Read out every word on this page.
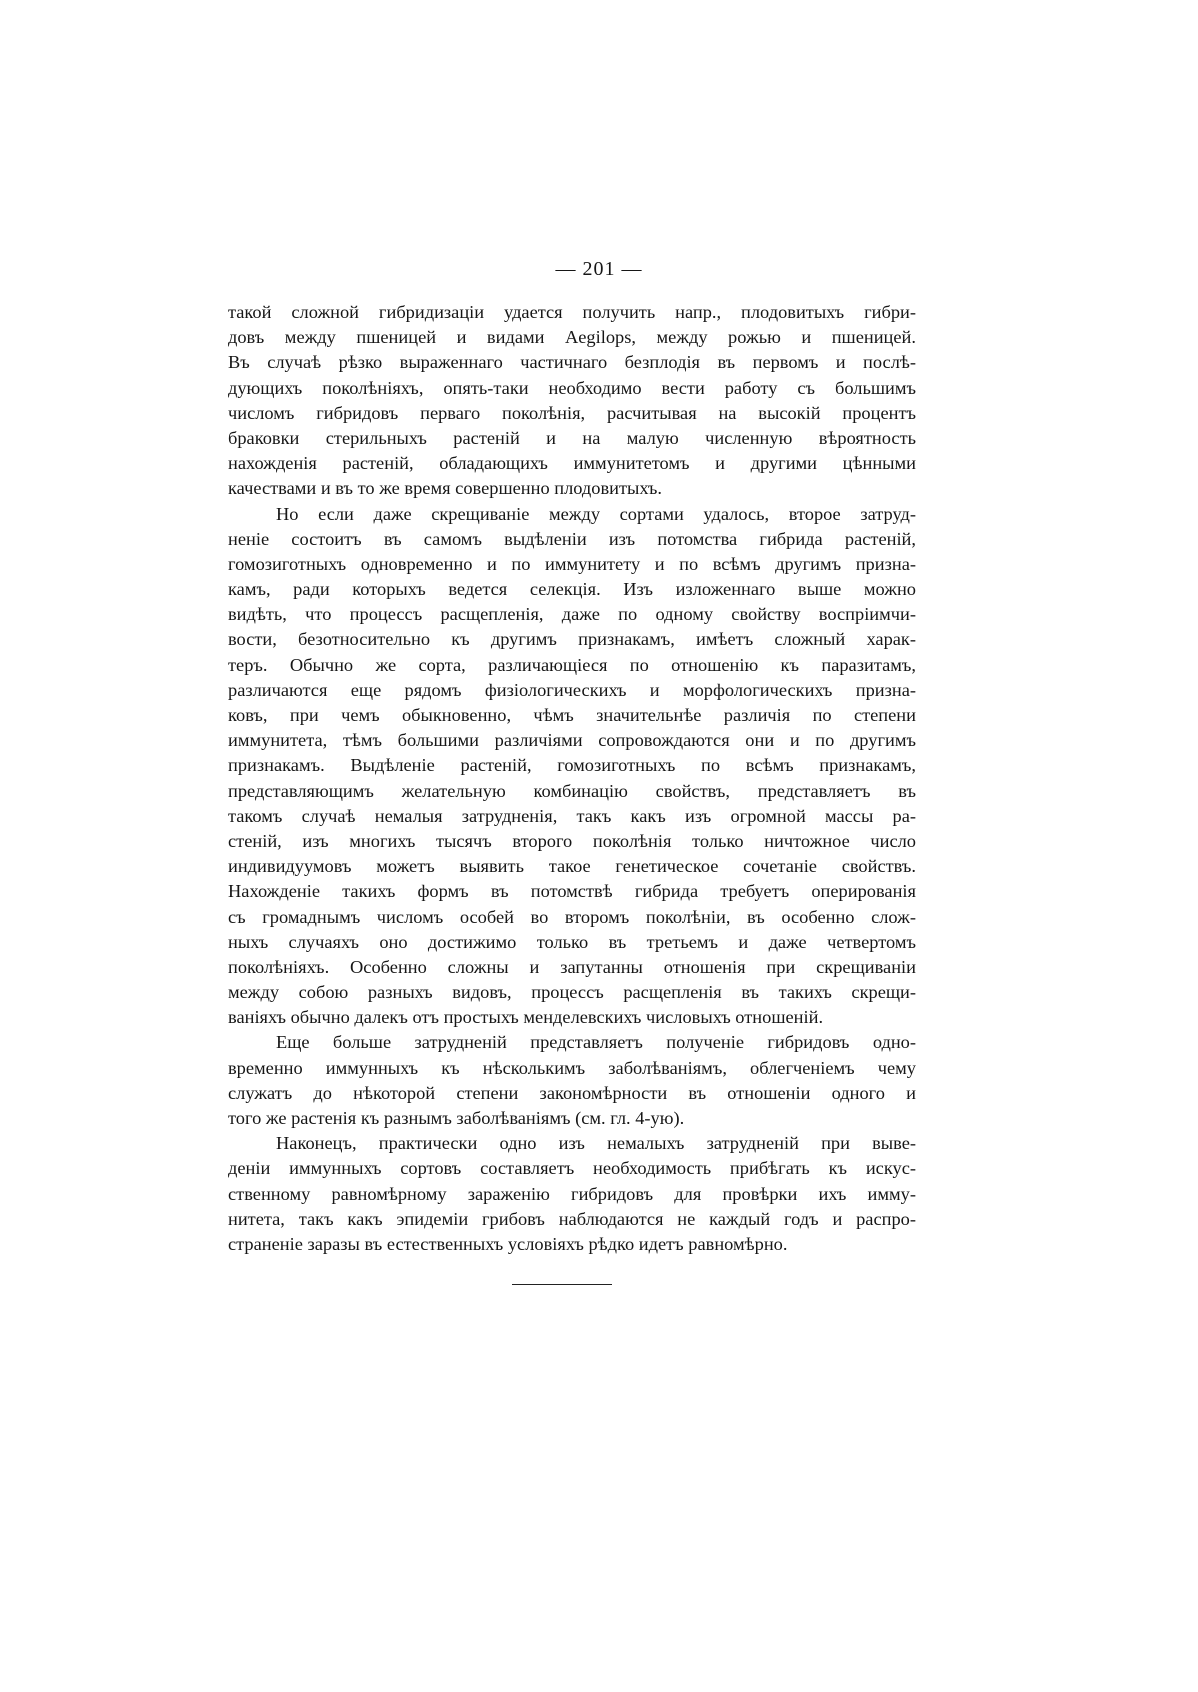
— 201 —
такой сложной гибридизаціи удается получить напр., плодовитыхъ гибри-
довъ между пшеницей и видами Aegilops, между рожью и пшеницей.
Въ случаѣ рѣзко выраженнаго частичнаго безплодія въ первомъ и послѣ-
дующихъ поколѣніяхъ, опять-таки необходимо вести работу съ большимъ
числомъ гибридовъ перваго поколѣнія, расчитывая на высокій процентъ
браковки стерильныхъ растеній и на малую численную вѣроятность
нахожденія растеній, обладающихъ иммунитетомъ и другими цѣнными
качествами и въ то же время совершенно плодовитыхъ.
Но если даже скрещиваніе между сортами удалось, второе затруд-
неніе состоитъ въ самомъ выдѣленіи изъ потомства гибрида растеній,
гомозиготныхъ одновременно и по иммунитету и по всѣмъ другимъ призна-
камъ, ради которыхъ ведется селекція. Изъ изложеннаго выше можно
видѣть, что процессъ расщепленія, даже по одному свойству воспріимчи-
вости, безотносительно къ другимъ признакамъ, имѣетъ сложный харак-
теръ. Обычно же сорта, различающіеся по отношенію къ паразитамъ,
различаются еще рядомъ физіологическихъ и морфологическихъ призна-
ковъ, при чемъ обыкновенно, чѣмъ значительнѣе различія по степени
иммунитета, тѣмъ большими различіями сопровождаются они и по другимъ
признакамъ. Выдѣленіе растеній, гомозиготныхъ по всѣмъ признакамъ,
представляющимъ желательную комбинацію свойствъ, представляетъ въ
такомъ случаѣ немалыя затрудненія, такъ какъ изъ огромной массы ра-
стеній, изъ многихъ тысячъ второго поколѣнія только ничтожное число
индивидуумовъ можетъ выявить такое генетическое сочетаніе свойствъ.
Нахожденіе такихъ формъ въ потомствѣ гибрида требуетъ оперированія
съ громаднымъ числомъ особей во второмъ поколѣніи, въ особенно слож-
ныхъ случаяхъ оно достижимо только въ третьемъ и даже четвертомъ
поколѣніяхъ. Особенно сложны и запутанны отношенія при скрещиваніи
между собою разныхъ видовъ, процессъ расщепленія въ такихъ скрещи-
ваніяхъ обычно далекъ отъ простыхъ менделевскихъ числовыхъ отношеній.
Еще больше затрудненій представляетъ полученіе гибридовъ одно-
временно иммунныхъ къ нѣсколькимъ заболѣваніямъ, облегченіемъ чему
служатъ до нѣкоторой степени закономѣрности въ отношеніи одного и
того же растенія къ разнымъ заболѣваніямъ (см. гл. 4-ую).
Наконецъ, практически одно изъ немалыхъ затрудненій при выве-
деніи иммунныхъ сортовъ составляетъ необходимость прибѣгать къ искус-
ственному равномѣрному зараженію гибридовъ для провѣрки ихъ имму-
нитета, такъ какъ эпидеміи грибовъ наблюдаются не каждый годъ и распро-
страненіе заразы въ естественныхъ условіяхъ рѣдко идетъ равномѣрно.
